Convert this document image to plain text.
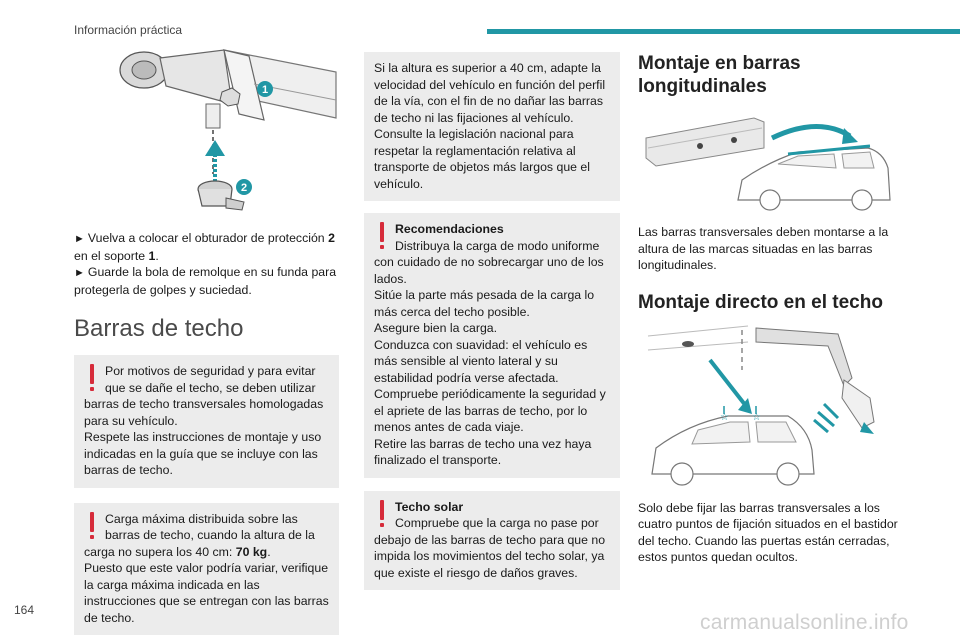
Información práctica
1
2

► Vuelva a colocar el obturador de protección 2 en el soporte 1.

► Guarde la bola de remolque en su funda para protegerla de golpes y suciedad.

Barras de techo
Por motivos de seguridad y para evitar
que se dañe el techo, se deben utilizar

barras de techo transversales homologadas para su vehículo.

Respete las instrucciones de montaje y uso indicadas en la guía que se incluye con las barras de techo.

Carga máxima distribuida sobre las
barras de techo, cuando la altura de la

carga no supera los 40 cm: 70 kg.

Puesto que este valor podría variar, verifique la carga máxima indicada en las instrucciones que se entregan con las barras de techo.

Si la altura es superior a 40 cm, adapte la velocidad del vehículo en función del perfil de la vía, con el fin de no dañar las barras de techo ni las fijaciones al vehículo.

Consulte la legislación nacional para respetar la reglamentación relativa al transporte de objetos más largos que el vehículo.

Recomendaciones
Distribuya la carga de modo uniforme

con cuidado de no sobrecargar uno de los lados.

Sitúe la parte más pesada de la carga lo más cerca del techo posible.

Asegure bien la carga.

Conduzca con suavidad: el vehículo es más sensible al viento lateral y su estabilidad podría verse afectada.

Compruebe periódicamente la seguridad y el apriete de las barras de techo, por lo menos antes de cada viaje.

Retire las barras de techo una vez haya finalizado el transporte.

Techo solar
Compruebe que la carga no pase por

debajo de las barras de techo para que no impida los movimientos del techo solar, ya que existe el riesgo de daños graves.

Montaje en barras longitudinales

Las barras transversales deben montarse a la altura de las marcas situadas en las barras longitudinales.

Montaje directo en el techo
☆ ☆

Solo debe fijar las barras transversales a los cuatro puntos de fijación situados en el bastidor del techo. Cuando las puertas están cerradas, estos puntos quedan ocultos.

164
carmanualsonline.info
